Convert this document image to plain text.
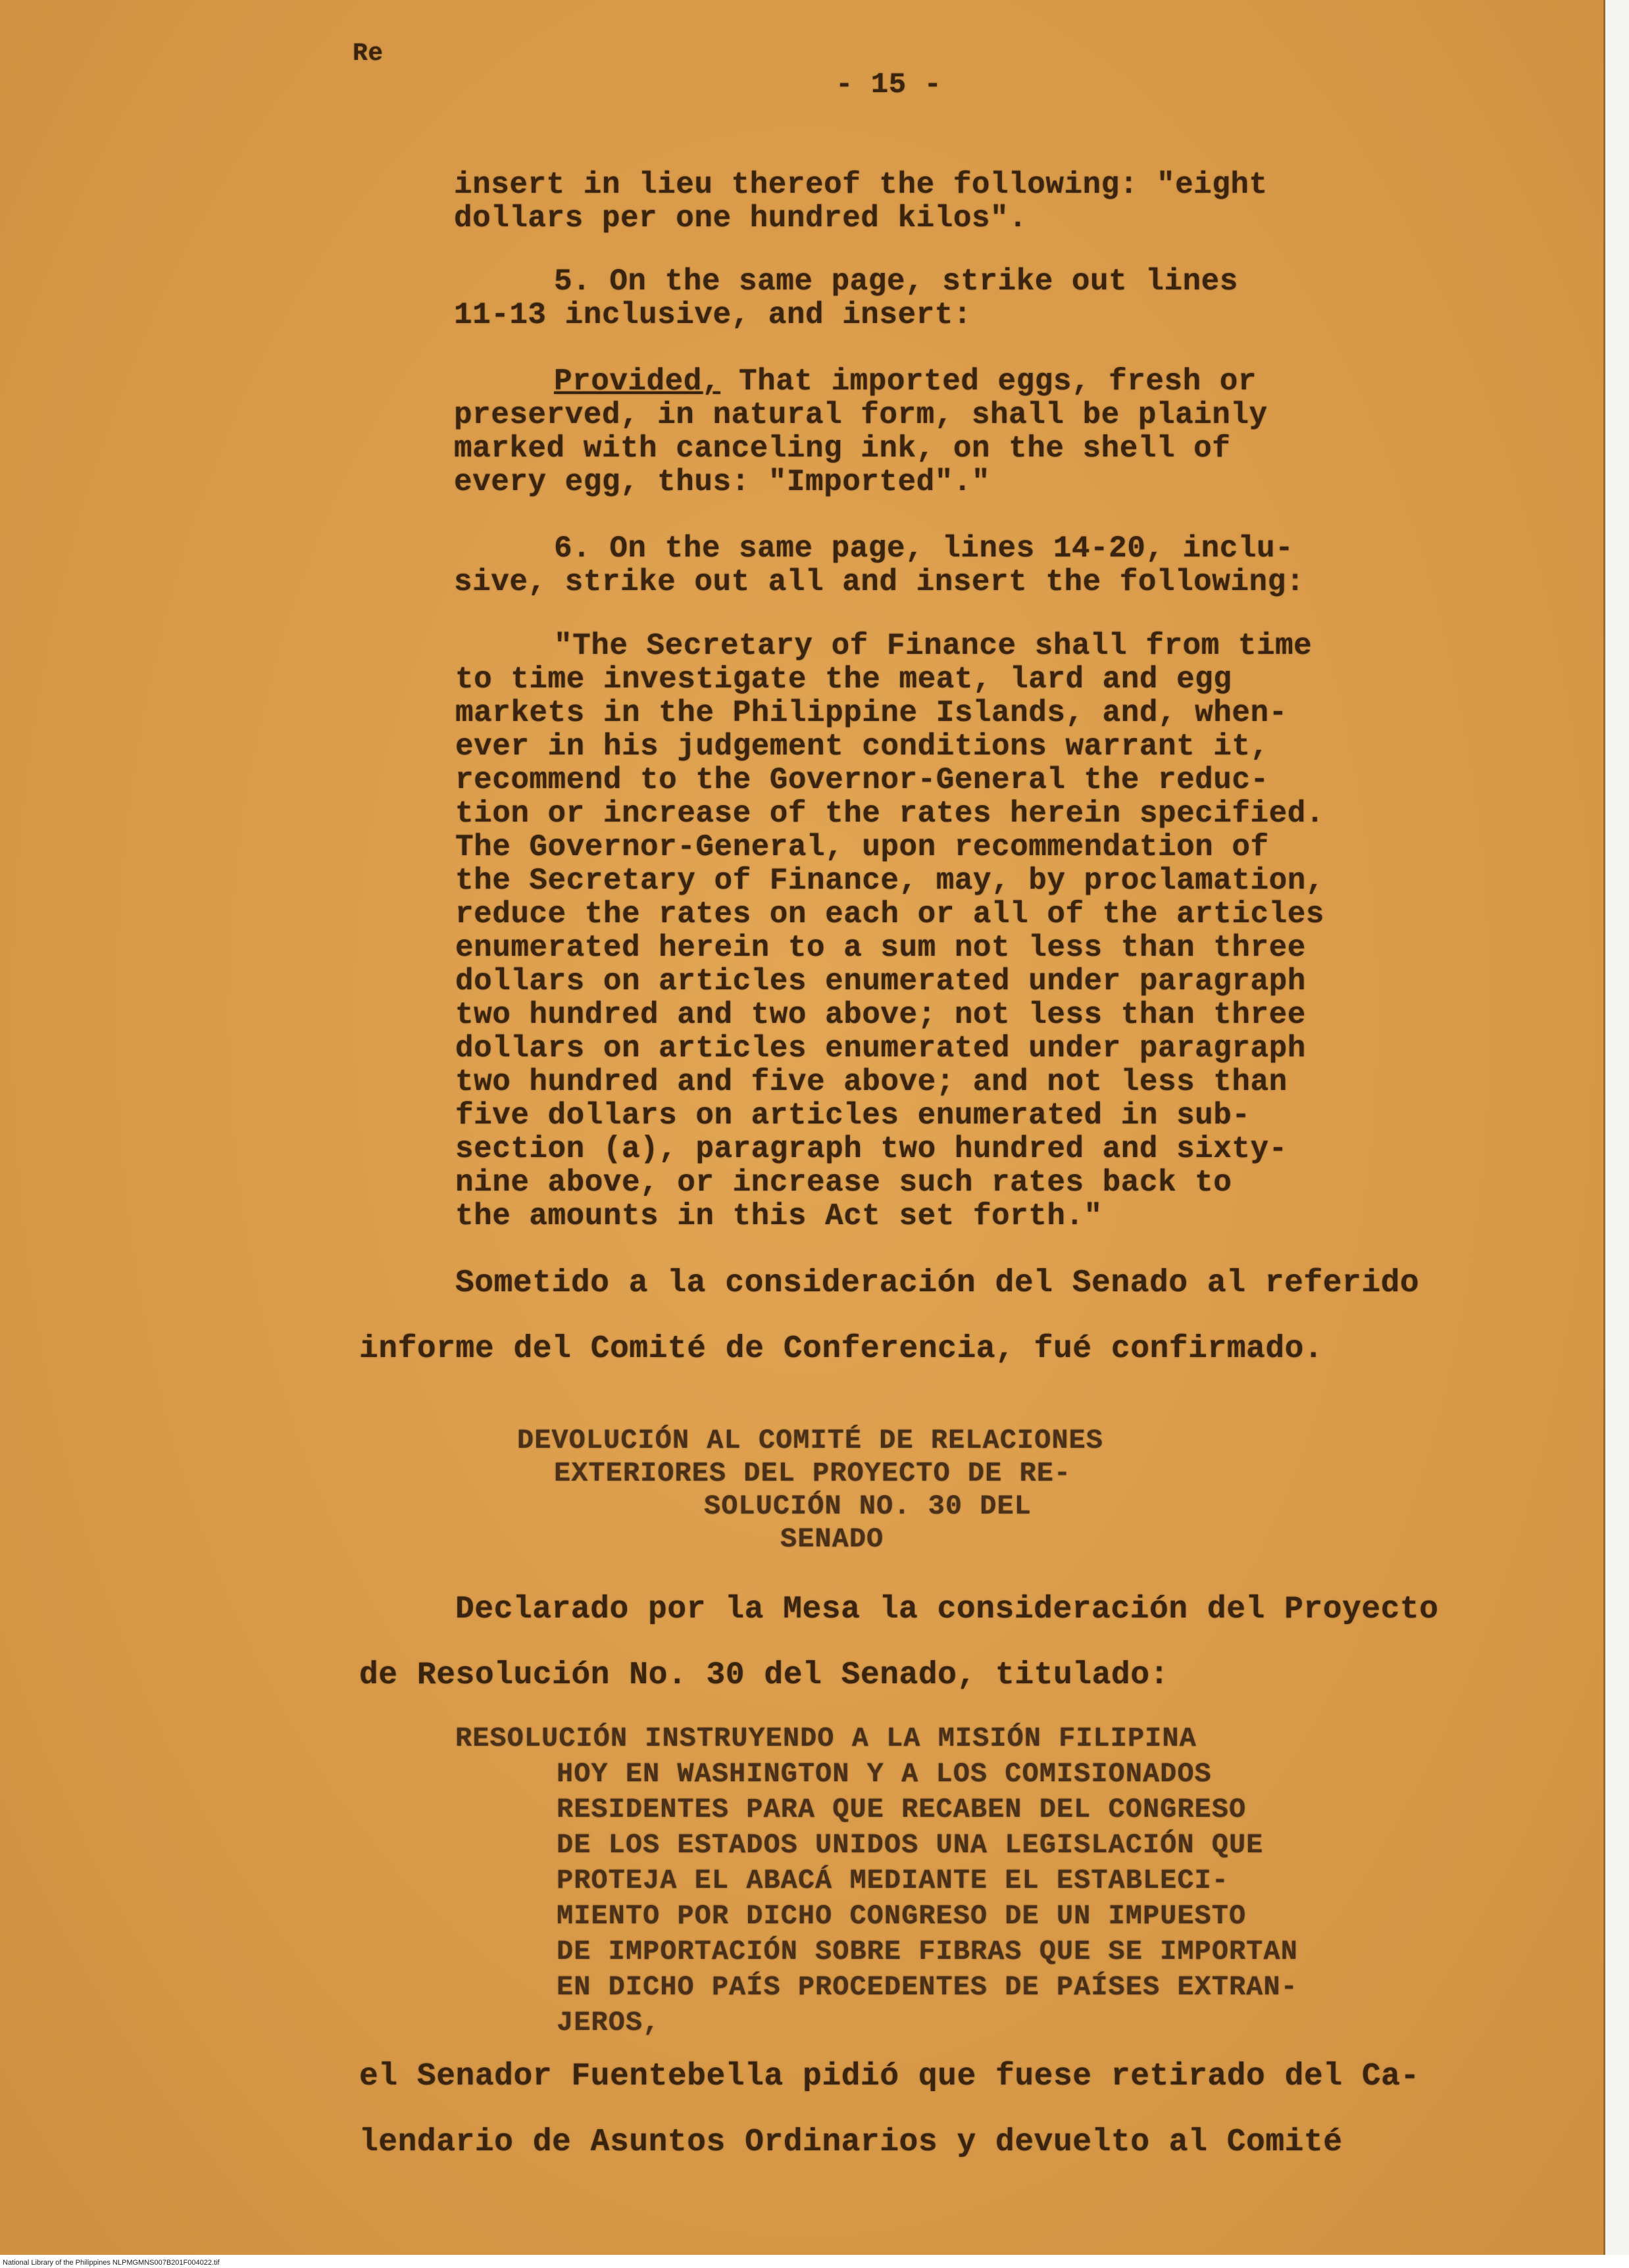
Re
- 15 -
insert in lieu thereof the following: "eight
dollars per one hundred kilos".
5. On the same page, strike out lines
11-13 inclusive, and insert:
Provided, That imported eggs, fresh or
preserved, in natural form, shall be plainly
marked with canceling ink, on the shell of
every egg, thus: "Imported"."
6. On the same page, lines 14-20, inclu-
sive, strike out all and insert the following:
"The Secretary of Finance shall from time
to time investigate the meat, lard and egg
markets in the Philippine Islands, and, when-
ever in his judgement conditions warrant it,
recommend to the Governor-General the reduc-
tion or increase of the rates herein specified.
The Governor-General, upon recommendation of
the Secretary of Finance, may, by proclamation,
reduce the rates on each or all of the articles
enumerated herein to a sum not less than three
dollars on articles enumerated under paragraph
two hundred and two above; not less than three
dollars on articles enumerated under paragraph
two hundred and five above; and not less than
five dollars on articles enumerated in sub-
section (a), paragraph two hundred and sixty-
nine above, or increase such rates back to
the amounts in this Act set forth."
Sometido a la consideración del Senado al referido
informe del Comité de Conferencia, fué confirmado.
DEVOLUCIÓN AL COMITÉ DE RELACIONES
EXTERIORES DEL PROYECTO DE RE-
SOLUCIÓN NO. 30 DEL
SENADO
Declarado por la Mesa la consideración del Proyecto
de Resolución No. 30 del Senado, titulado:
RESOLUCIÓN INSTRUYENDO A LA MISIÓN FILIPINA
HOY EN WASHINGTON Y A LOS COMISIONADOS
RESIDENTES PARA QUE RECABEN DEL CONGRESO
DE LOS ESTADOS UNIDOS UNA LEGISLACIÓN QUE
PROTEJA EL ABACÁ MEDIANTE EL ESTABLECI-
MIENTO POR DICHO CONGRESO DE UN IMPUESTO
DE IMPORTACIÓN SOBRE FIBRAS QUE SE IMPORTAN
EN DICHO PAÍS PROCEDENTES DE PAÍSES EXTRAN-
JEROS,
el Senador Fuentebella pidió que fuese retirado del Ca-
lendario de Asuntos Ordinarios y devuelto al Comité
National Library of the Philippines NLPMGMNS007B201F004022.tif
